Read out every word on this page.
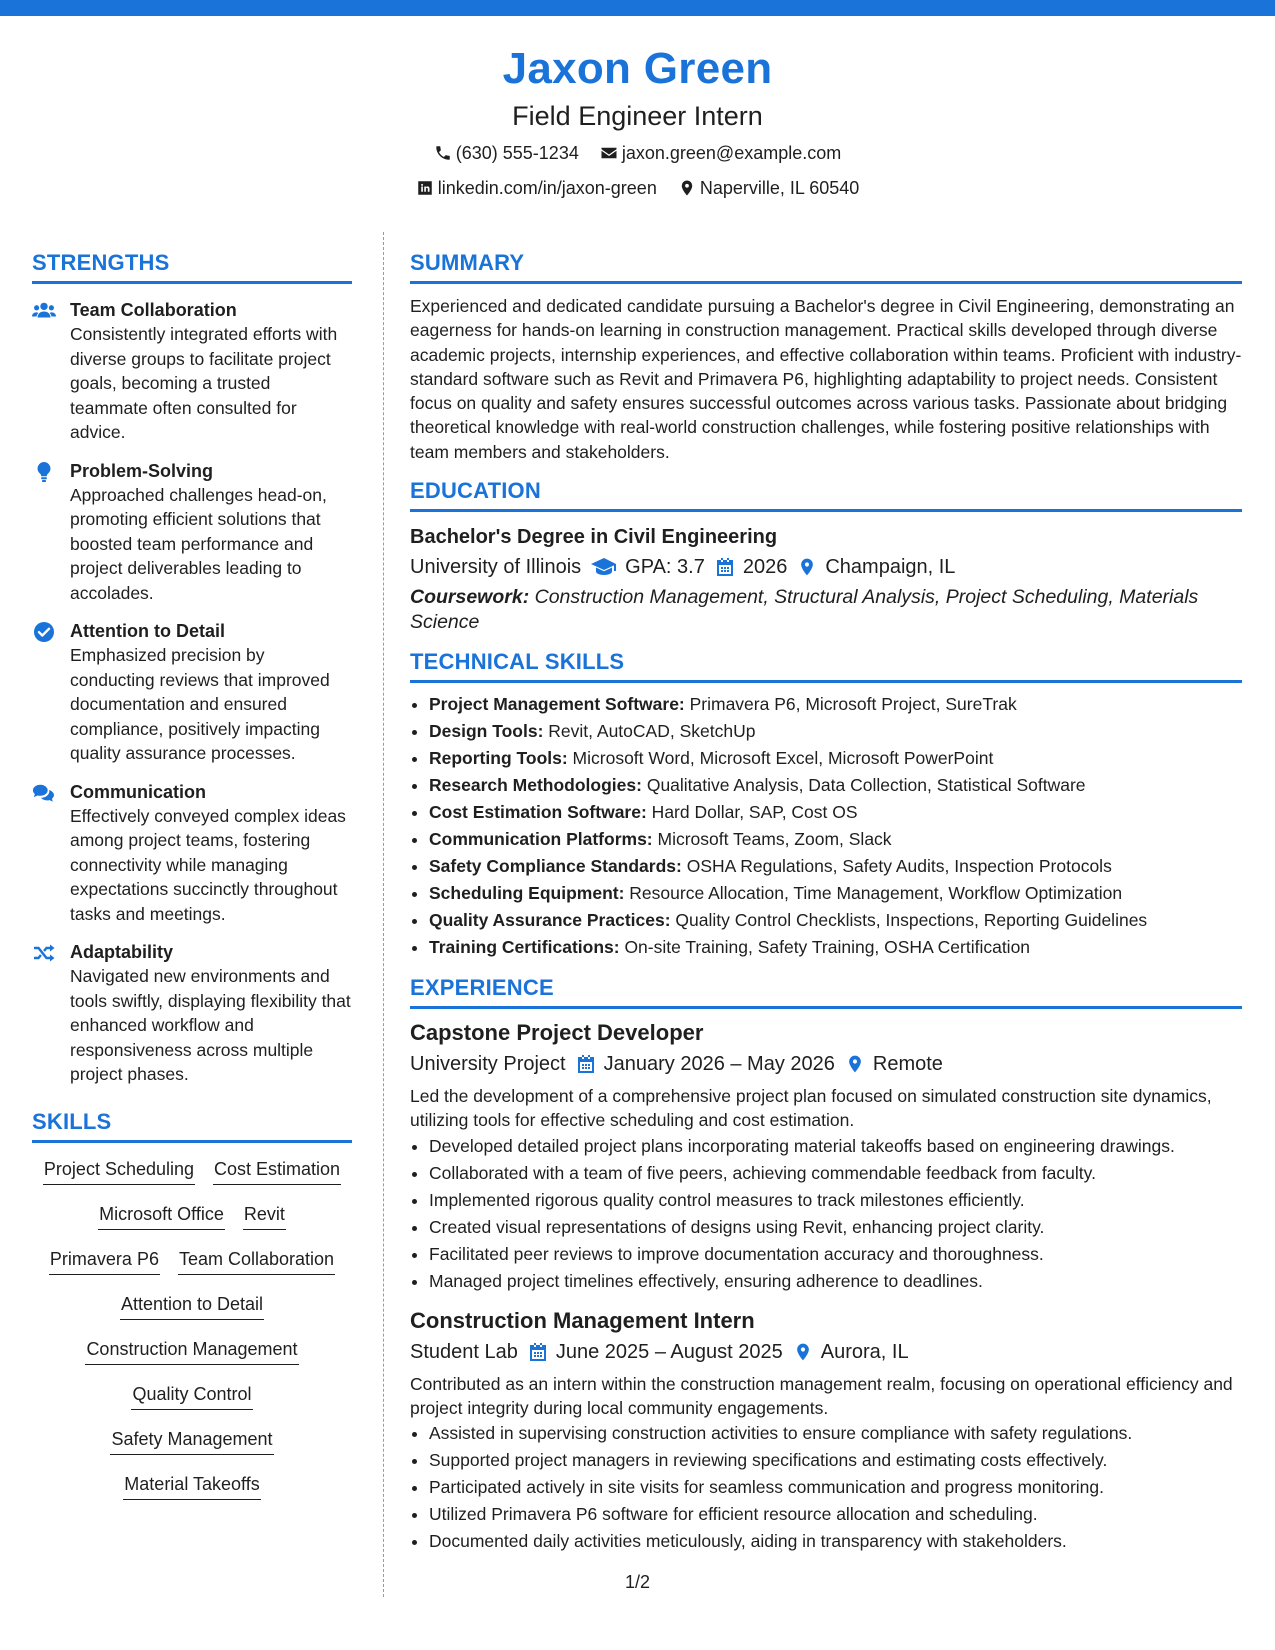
Jaxon Green
Field Engineer Intern
(630) 555-1234
jaxon.green@example.com
linkedin.com/in/jaxon-green
Naperville, IL 60540
STRENGTHS
Team Collaboration
Consistently integrated efforts with diverse groups to facilitate project goals, becoming a trusted teammate often consulted for advice.
Problem-Solving
Approached challenges head-on, promoting efficient solutions that boosted team performance and project deliverables leading to accolades.
Attention to Detail
Emphasized precision by conducting reviews that improved documentation and ensured compliance, positively impacting quality assurance processes.
Communication
Effectively conveyed complex ideas among project teams, fostering connectivity while managing expectations succinctly throughout tasks and meetings.
Adaptability
Navigated new environments and tools swiftly, displaying flexibility that enhanced workflow and responsiveness across multiple project phases.
SKILLS
Project Scheduling Cost Estimation
Microsoft Office Revit
Primavera P6 Team Collaboration
Attention to Detail
Construction Management
Quality Control
Safety Management
Material Takeoffs
SUMMARY
Experienced and dedicated candidate pursuing a Bachelor's degree in Civil Engineering, demonstrating an eagerness for hands-on learning in construction management. Practical skills developed through diverse academic projects, internship experiences, and effective collaboration within teams. Proficient with industry-standard software such as Revit and Primavera P6, highlighting adaptability to project needs. Consistent focus on quality and safety ensures successful outcomes across various tasks. Passionate about bridging theoretical knowledge with real-world construction challenges, while fostering positive relationships with team members and stakeholders.
EDUCATION
Bachelor's Degree in Civil Engineering
University of Illinois GPA: 3.7 2026 Champaign, IL
Coursework: Construction Management, Structural Analysis, Project Scheduling, Materials Science
TECHNICAL SKILLS
• Project Management Software: Primavera P6, Microsoft Project, SureTrak
• Design Tools: Revit, AutoCAD, SketchUp
• Reporting Tools: Microsoft Word, Microsoft Excel, Microsoft PowerPoint
• Research Methodologies: Qualitative Analysis, Data Collection, Statistical Software
• Cost Estimation Software: Hard Dollar, SAP, Cost OS
• Communication Platforms: Microsoft Teams, Zoom, Slack
• Safety Compliance Standards: OSHA Regulations, Safety Audits, Inspection Protocols
• Scheduling Equipment: Resource Allocation, Time Management, Workflow Optimization
• Quality Assurance Practices: Quality Control Checklists, Inspections, Reporting Guidelines
• Training Certifications: On-site Training, Safety Training, OSHA Certification
EXPERIENCE
Capstone Project Developer
University Project January 2026 – May 2026 Remote
Led the development of a comprehensive project plan focused on simulated construction site dynamics, utilizing tools for effective scheduling and cost estimation.
• Developed detailed project plans incorporating material takeoffs based on engineering drawings.
• Collaborated with a team of five peers, achieving commendable feedback from faculty.
• Implemented rigorous quality control measures to track milestones efficiently.
• Created visual representations of designs using Revit, enhancing project clarity.
• Facilitated peer reviews to improve documentation accuracy and thoroughness.
• Managed project timelines effectively, ensuring adherence to deadlines.
Construction Management Intern
Student Lab June 2025 – August 2025 Aurora, IL
Contributed as an intern within the construction management realm, focusing on operational efficiency and project integrity during local community engagements.
• Assisted in supervising construction activities to ensure compliance with safety regulations.
• Supported project managers in reviewing specifications and estimating costs effectively.
• Participated actively in site visits for seamless communication and progress monitoring.
• Utilized Primavera P6 software for efficient resource allocation and scheduling.
• Documented daily activities meticulously, aiding in transparency with stakeholders.
1/2
